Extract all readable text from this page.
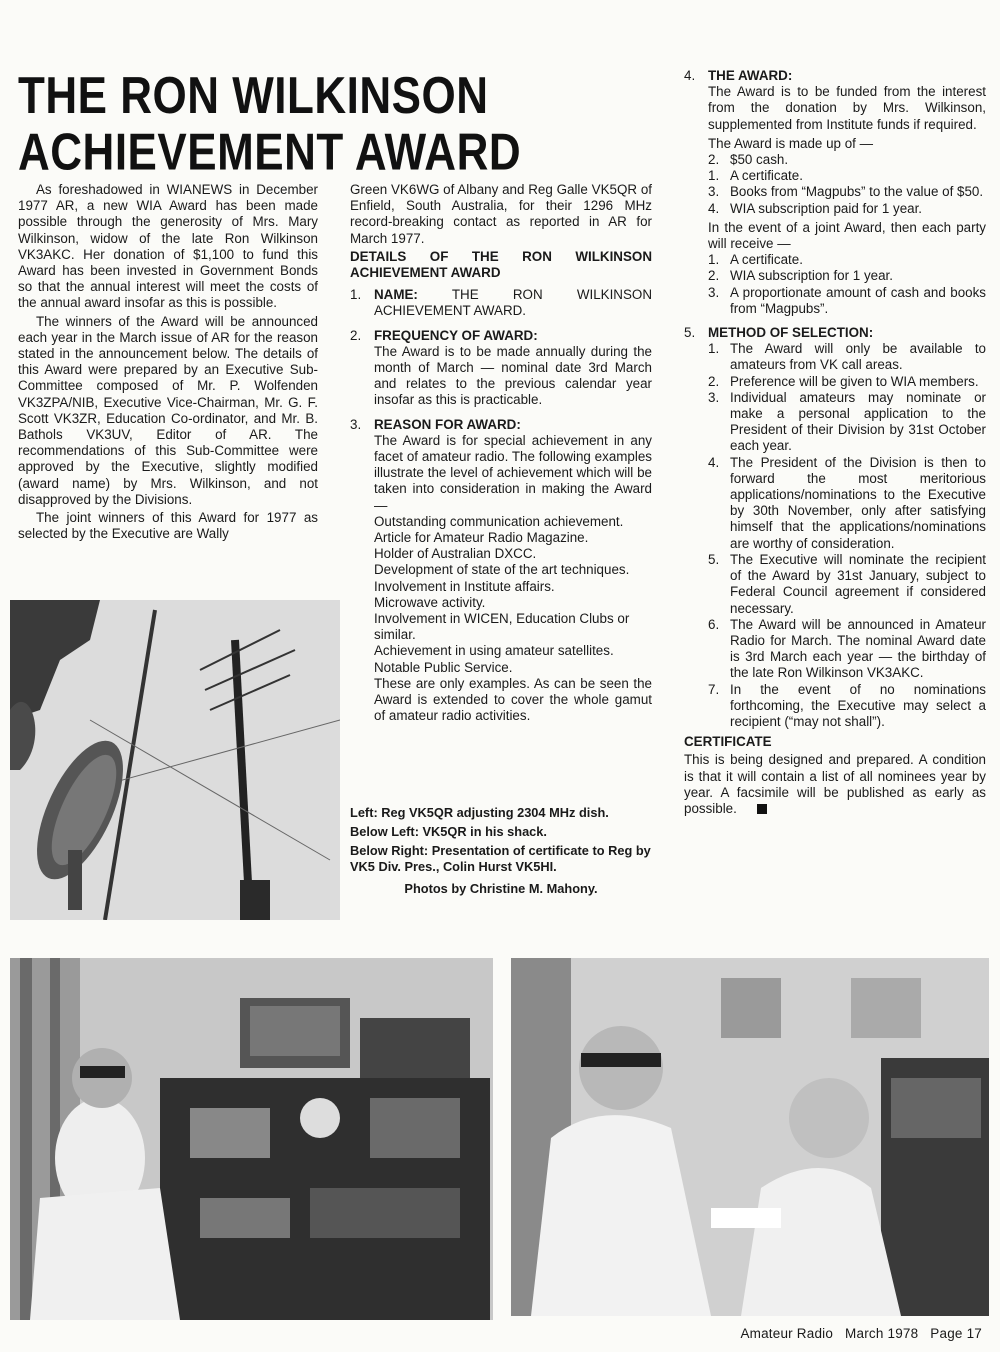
THE RON WILKINSON
ACHIEVEMENT AWARD

As foreshadowed in WIANEWS in December 1977 AR, a new WIA Award has been made possible through the generosity of Mrs. Mary Wilkinson, widow of the late Ron Wilkinson VK3AKC. Her donation of $1,100 to fund this Award has been invested in Government Bonds so that the annual interest will meet the costs of the annual award insofar as this is possible.

The winners of the Award will be announced each year in the March issue of AR for the reason stated in the announcement below. The details of this Award were prepared by an Executive Sub-Committee composed of Mr. P. Wolfenden VK3ZPA/NIB, Executive Vice-Chairman, Mr. G. F. Scott VK3ZR, Education Co-ordinator, and Mr. B. Bathols VK3UV, Editor of AR. The recommendations of this Sub-Committee were approved by the Executive, slightly modified (award name) by Mrs. Wilkinson, and not disapproved by the Divisions.

The joint winners of this Award for 1977 as selected by the Executive are Wally

Green VK6WG of Albany and Reg Galle VK5QR of Enfield, South Australia, for their 1296 MHz record-breaking contact as reported in AR for March 1977.

DETAILS OF THE RON WILKINSON ACHIEVEMENT AWARD

1. NAME:	THE RON WILKINSON ACHIEVEMENT AWARD.
2. FREQUENCY OF AWARD:
The Award is to be made annually during the month of March — nominal date 3rd March and relates to the previous calendar year insofar as this is practicable.
3. REASON FOR AWARD:
The Award is for special achievement in any facet of amateur radio. The following examples illustrate the level of achievement which will be taken into consideration in making the Award—
Outstanding communication achievement.
Article for Amateur Radio Magazine.
Holder of Australian DXCC.
Development of state of the art techniques.
Involvement in Institute affairs.
Microwave activity.
Involvement in WICEN, Education Clubs or similar.
Achievement in using amateur satellites.
Notable Public Service.
These are only examples. As can be seen the Award is extended to cover the whole gamut of amateur radio activities.

Left: Reg VK5QR adjusting 2304 MHz dish.

Below Left: VK5QR in his shack.

Below Right: Presentation of certificate to Reg by VK5 Div. Pres., Colin Hurst VK5HI.

Photos by Christine M. Mahony.
4. THE AWARD:
The Award is to be funded from the interest from the donation by Mrs. Wilkinson, supplemented from Institute funds if required.
The Award is made up of —
2. $50 cash.
1. A certificate.
3. Books from “Magpubs” to the value of $50.
4. WIA subscription paid for 1 year.
In the event of a joint Award, then each party will receive —
1. A certificate.
2. WIA subscription for 1 year.
3. A proportionate amount of cash and books from “Magpubs”.
5. METHOD OF SELECTION:
1. The Award will only be available to amateurs from VK call areas.
2. Preference will be given to WIA members.
3. Individual amateurs may nominate or make a personal application to the President of their Division by 31st October each year.
4. The President of the Division is then to forward the most meritorious applications/nominations to the Executive by 30th November, only after satisfying himself that the applications/nominations are worthy of consideration.
5. The Executive will nominate the recipient of the Award by 31st January, subject to Federal Council agreement if considered necessary.
6. The Award will be announced in Amateur Radio for March. The nominal Award date is 3rd March each year — the birthday of the late Ron Wilkinson VK3AKC.
7. In the event of no nominations forthcoming, the Executive may select a recipient (“may not shall”).

CERTIFICATE

This is being designed and prepared. A condition is that it will contain a list of all nominees year by year. A facsimile will be published as early as possible.

Amateur Radio March 1978 Page 17
